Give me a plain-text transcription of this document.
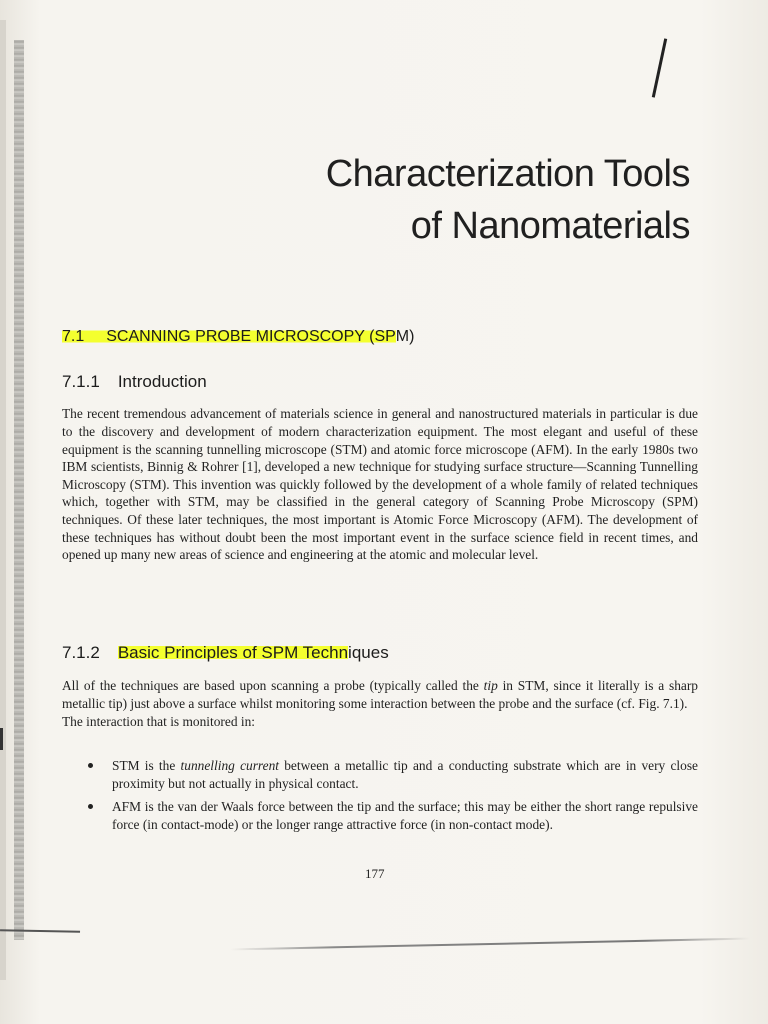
Characterization Tools
of Nanomaterials
7.1 SCANNING PROBE MICROSCOPY (SPM)
7.1.1 Introduction

The recent tremendous advancement of materials science in general and nanostructured materials in particular is due to the discovery and development of modern characterization equipment. The most elegant and useful of these equipment is the scanning tunnelling microscope (STM) and atomic force microscope (AFM). In the early 1980s two IBM scientists, Binnig & Rohrer [1], developed a new technique for studying surface structure—Scanning Tunnelling Microscopy (STM). This invention was quickly followed by the development of a whole family of related techniques which, together with STM, may be classified in the general category of Scanning Probe Microscopy (SPM) techniques. Of these later techniques, the most important is Atomic Force Microscopy (AFM). The development of these techniques has without doubt been the most important event in the surface science field in recent times, and opened up many new areas of science and engineering at the atomic and molecular level.

7.1.2 Basic Principles of SPM Techniques

All of the techniques are based upon scanning a probe (typically called the tip in STM, since it literally is a sharp metallic tip) just above a surface whilst monitoring some interaction between the probe and the surface (cf. Fig. 7.1).
The interaction that is monitored in:

STM is the tunnelling current between a metallic tip and a conducting substrate which are in very close proximity but not actually in physical contact.
AFM is the van der Waals force between the tip and the surface; this may be either the short range repulsive force (in contact-mode) or the longer range attractive force (in non-contact mode).
177
